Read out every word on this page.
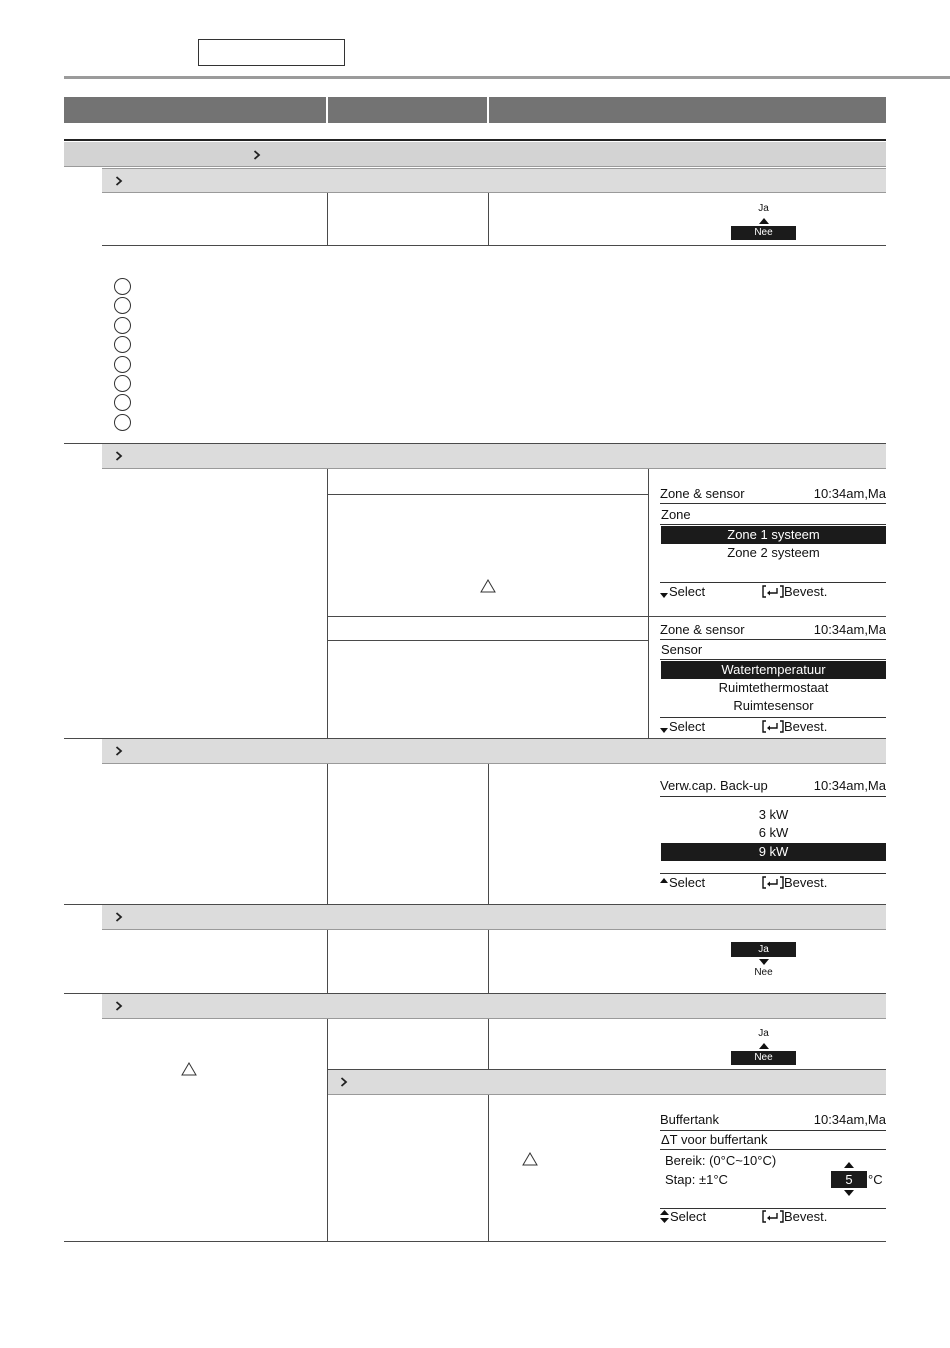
Ja
Nee
Zone & sensor	10:34am,Ma
Zone
Zone 1 systeem
Zone 2 systeem
Select	Bevest.
Zone & sensor	10:34am,Ma
Sensor
Watertemperatuur
Ruimtethermostaat
Ruimtesensor
Select	Bevest.
Verw.cap. Back-up	10:34am,Ma
3 kW
6 kW
9 kW
Select	Bevest.
Ja
Nee
Ja
Nee
Buffertank	10:34am,Ma
ΔT voor buffertank
Bereik: (0°C~10°C)
Stap: ±1°C	5	°C
Select	Bevest.
